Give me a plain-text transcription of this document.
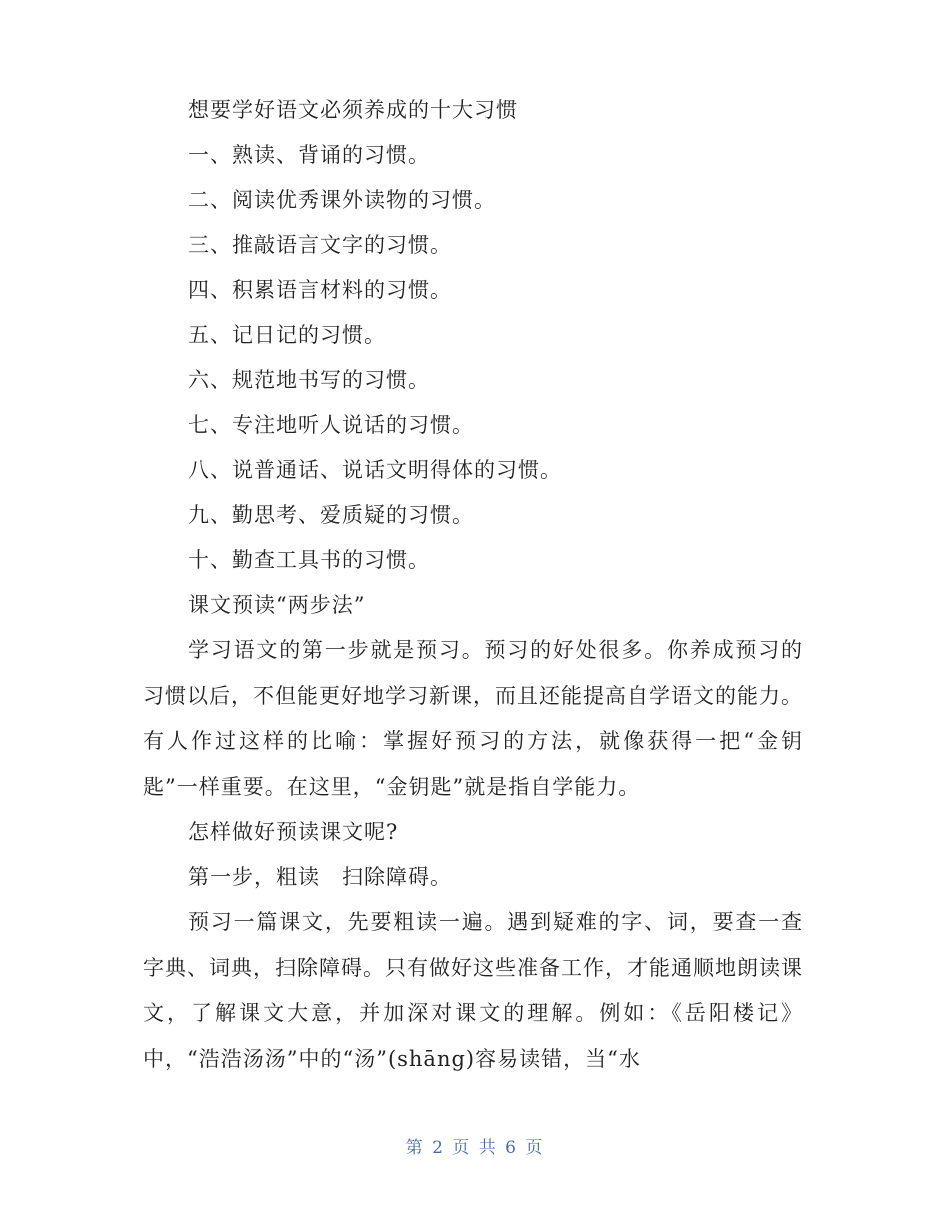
想要学好语文必须养成的十大习惯
一、熟读、背诵的习惯。
二、阅读优秀课外读物的习惯。
三、推敲语言文字的习惯。
四、积累语言材料的习惯。
五、记日记的习惯。
六、规范地书写的习惯。
七、专注地听人说话的习惯。
八、说普通话、说话文明得体的习惯。
九、勤思考、爱质疑的习惯。
十、勤查工具书的习惯。
课文预读“两步法”

学习语文的第一步就是预习。预习的好处很多。你养成预习的习惯以后，不但能更好地学习新课，而且还能提高自学语文的能力。有人作过这样的比喻：掌握好预习的方法，就像获得一把“金钥匙”一样重要。在这里，“金钥匙”就是指自学能力。

怎样做好预读课文呢?
第一步，粗读　扫除障碍。

预习一篇课文，先要粗读一遍。遇到疑难的字、词，要查一查字典、词典，扫除障碍。只有做好这些准备工作，才能通顺地朗读课文，了解课文大意，并加深对课文的理解。例如：《岳阳楼记》中，“浩浩汤汤”中的“汤”(shāng)容易读错，当“水

第 2 页 共 6 页
